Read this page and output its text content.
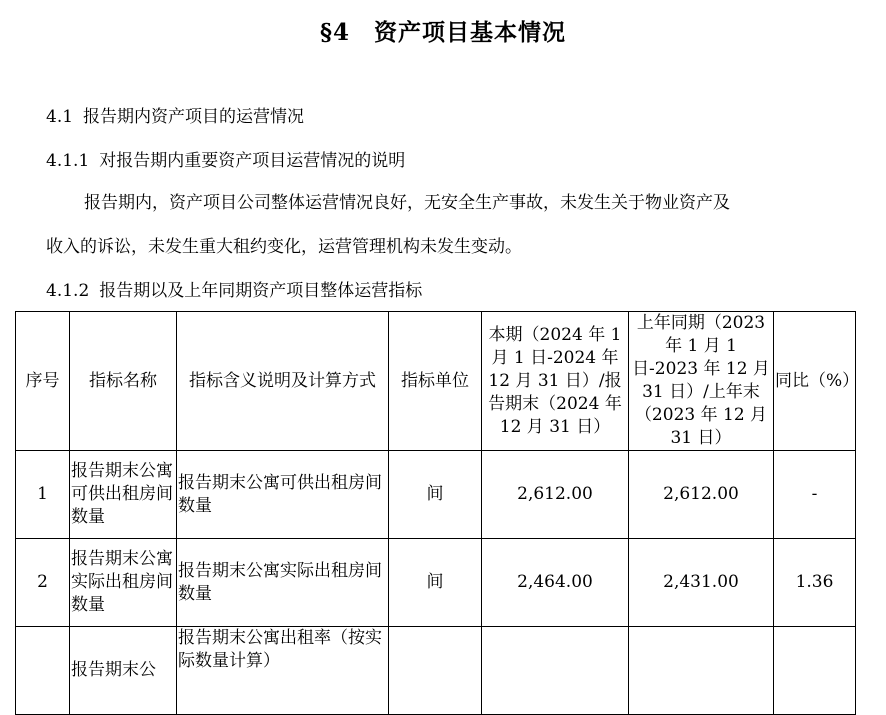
§4 资产项目基本情况
4.1 报告期内资产项目的运营情况
4.1.1 对报告期内重要资产项目运营情况的说明
报告期内，资产项目公司整体运营情况良好，无安全生产事故，未发生关于物业资产及
收入的诉讼，未发生重大租约变化，运营管理机构未发生变动。
4.1.2 报告期以及上年同期资产项目整体运营指标
序号	指标名称	指标含义说明及计算方式	指标单位	本期（2024 年 1 月 1 日-2024 年 12 月 31 日）/报告期末（2024 年 12 月 31 日）	上年同期（2023 年 1 月 1 日-2023 年 12 月 31 日）/上年末（2023 年 12 月 31 日）	同比（%）
1	报告期末公寓可供出租房间数量	报告期末公寓可供出租房间数量	间	2,612.00	2,612.00	-
2	报告期末公寓实际出租房间数量	报告期末公寓实际出租房间数量	间	2,464.00	2,431.00	1.36
	报告期末公	报告期末公寓出租率（按实际数量计算）				
